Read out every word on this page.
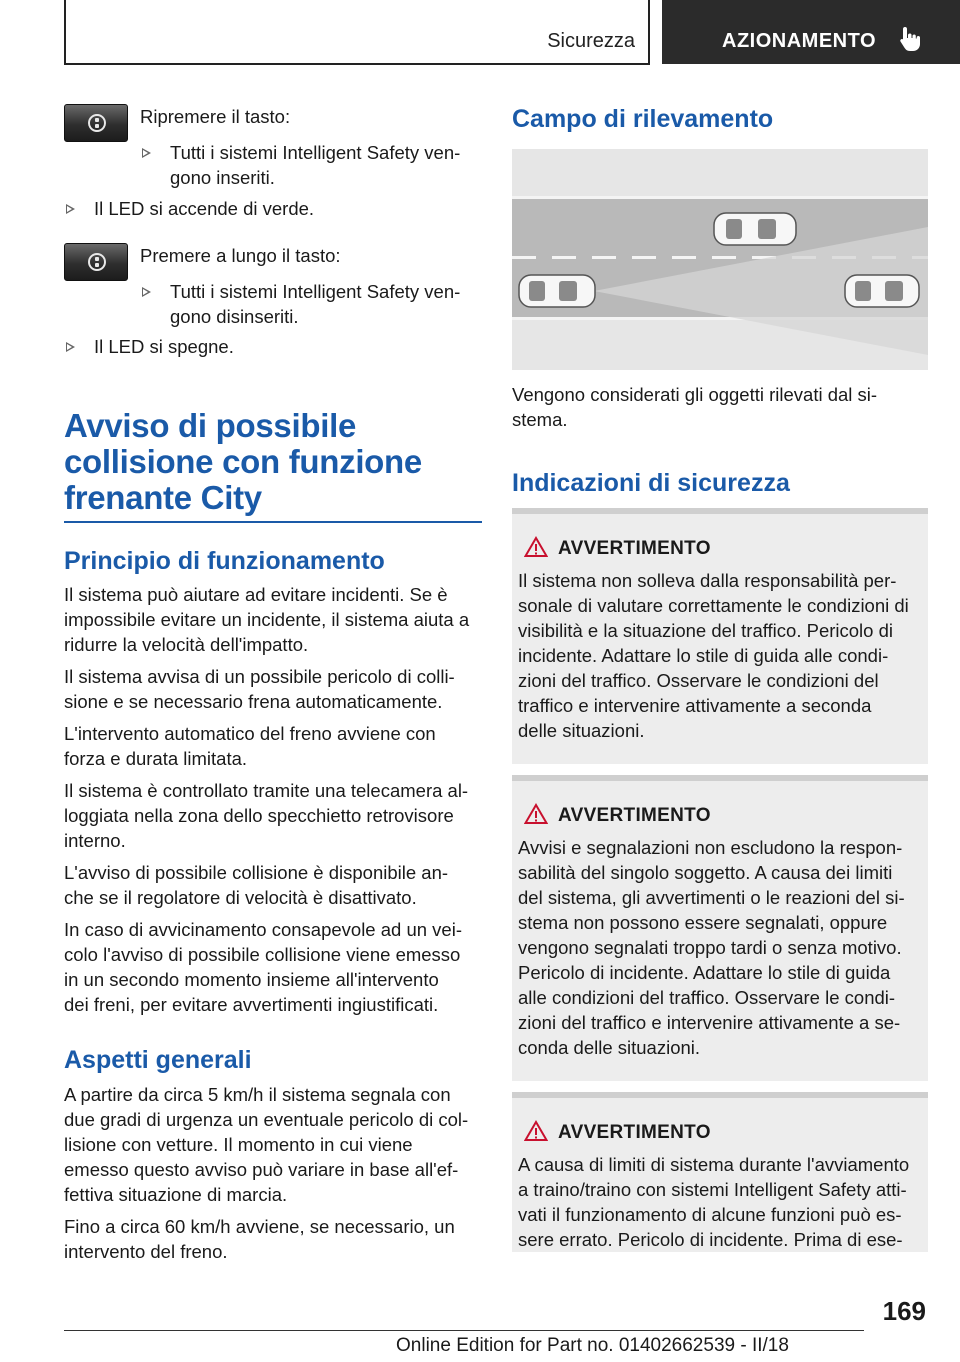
Sicurezza	AZIONAMENTO
Ripremere il tasto:
Tutti i sistemi Intelligent Safety ven-
gono inseriti.
Il LED si accende di verde.
Premere a lungo il tasto:
Tutti i sistemi Intelligent Safety ven-
gono disinseriti.
Il LED si spegne.
Avviso di possibile
collisione con funzione
frenante City
Principio di funzionamento
Il sistema può aiutare ad evitare incidenti. Se è
impossibile evitare un incidente, il sistema aiuta a
ridurre la velocità dell'impatto.
Il sistema avvisa di un possibile pericolo di colli-
sione e se necessario frena automaticamente.
L'intervento automatico del freno avviene con
forza e durata limitata.
Il sistema è controllato tramite una telecamera al-
loggiata nella zona dello specchietto retrovisore
interno.
L'avviso di possibile collisione è disponibile an-
che se il regolatore di velocità è disattivato.
In caso di avvicinamento consapevole ad un vei-
colo l'avviso di possibile collisione viene emesso
in un secondo momento insieme all'intervento
dei freni, per evitare avvertimenti ingiustificati.
Aspetti generali
A partire da circa 5 km/h il sistema segnala con
due gradi di urgenza un eventuale pericolo di col-
lisione con vetture. Il momento in cui viene
emesso questo avviso può variare in base all'ef-
fettiva situazione di marcia.
Fino a circa 60 km/h avviene, se necessario, un
intervento del freno.
Campo di rilevamento
Vengono considerati gli oggetti rilevati dal si-
stema.
Indicazioni di sicurezza
AVVERTIMENTO
Il sistema non solleva dalla responsabilità per-
sonale di valutare correttamente le condizioni di
visibilità e la situazione del traffico. Pericolo di
incidente. Adattare lo stile di guida alle condi-
zioni del traffico. Osservare le condizioni del
traffico e intervenire attivamente a seconda
delle situazioni.
AVVERTIMENTO
Avvisi e segnalazioni non escludono la respon-
sabilità del singolo soggetto. A causa dei limiti
del sistema, gli avvertimenti o le reazioni del si-
stema non possono essere segnalati, oppure
vengono segnalati troppo tardi o senza motivo.
Pericolo di incidente. Adattare lo stile di guida
alle condizioni del traffico. Osservare le condi-
zioni del traffico e intervenire attivamente a se-
conda delle situazioni.
AVVERTIMENTO
A causa di limiti di sistema durante l'avviamento
a traino/traino con sistemi Intelligent Safety atti-
vati il funzionamento di alcune funzioni può es-
sere errato. Pericolo di incidente. Prima di ese-
169
Online Edition for Part no. 01402662539 - II/18
